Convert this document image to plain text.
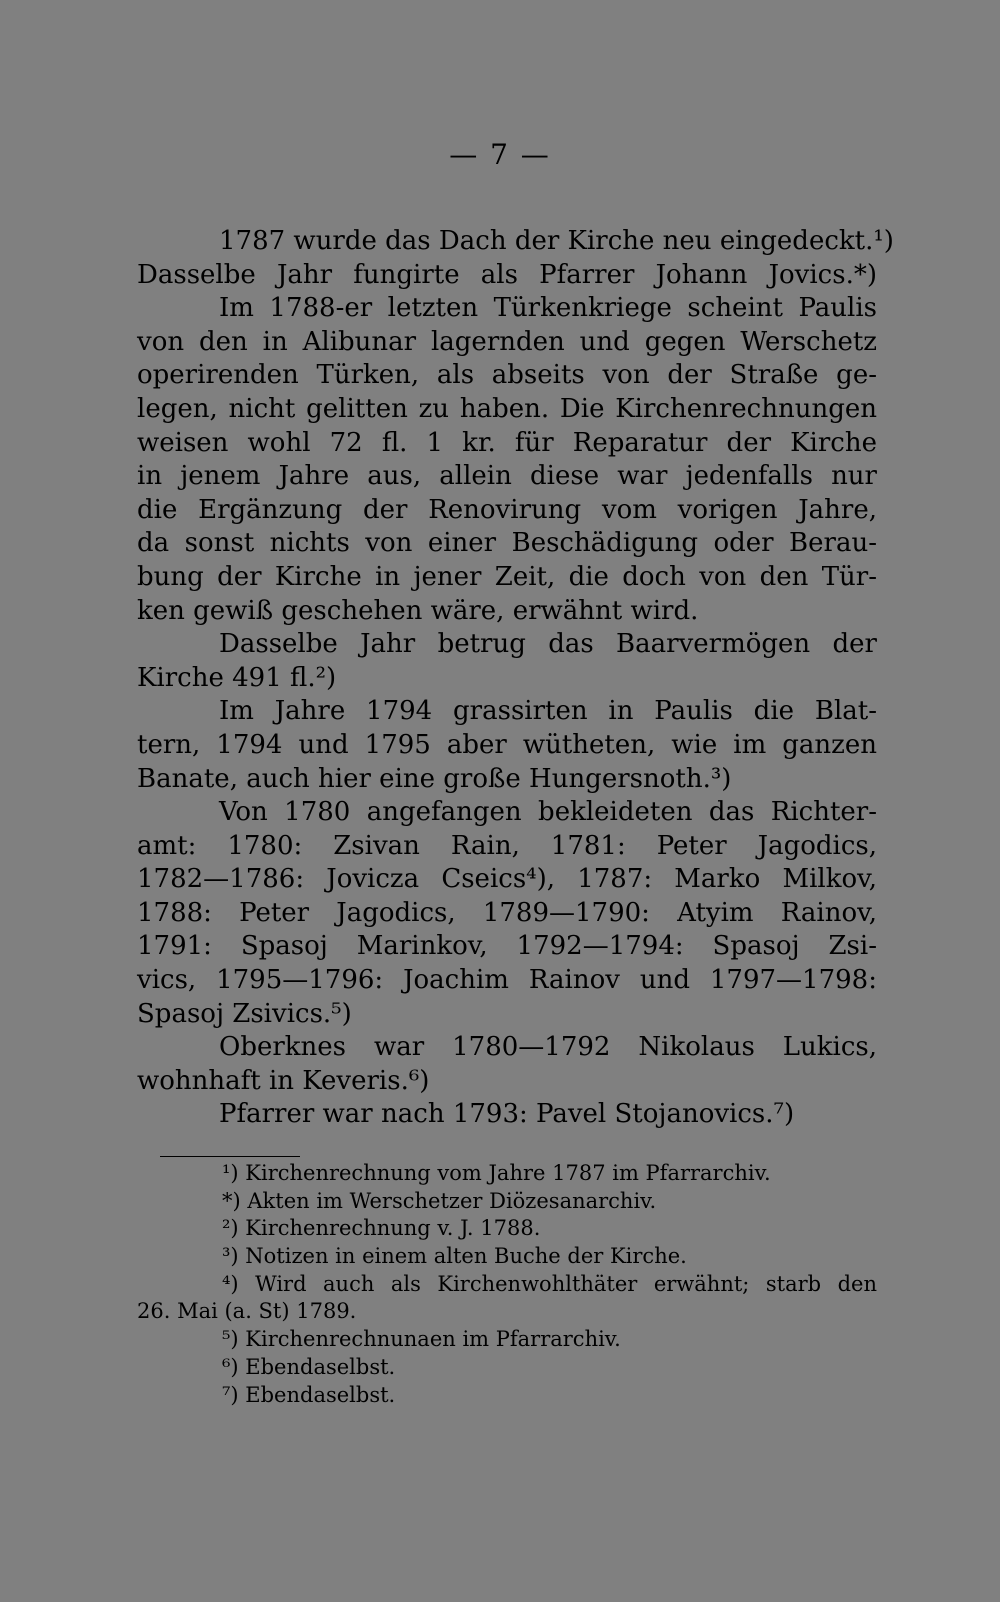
— 7 —
1787 wurde das Dach der Kirche neu eingedeckt.¹)
Dasselbe Jahr fungirte als Pfarrer Johann Jovics.*)
Im 1788-er letzten Türkenkriege scheint Paulis
von den in Alibunar lagernden und gegen Werschetz
operirenden Türken, als abseits von der Straße ge-
legen, nicht gelitten zu haben. Die Kirchenrechnungen
weisen wohl 72 fl. 1 kr. für Reparatur der Kirche
in jenem Jahre aus, allein diese war jedenfalls nur
die Ergänzung der Renovirung vom vorigen Jahre,
da sonst nichts von einer Beschädigung oder Berau-
bung der Kirche in jener Zeit, die doch von den Tür-
ken gewiß geschehen wäre, erwähnt wird.
Dasselbe Jahr betrug das Baarvermögen der
Kirche 491 fl.²)
Im Jahre 1794 grassirten in Paulis die Blat-
tern, 1794 und 1795 aber wütheten, wie im ganzen
Banate, auch hier eine große Hungersnoth.³)
Von 1780 angefangen bekleideten das Richter-
amt: 1780: Zsivan Rain, 1781: Peter Jagodics,
1782—1786: Jovicza Cseics⁴), 1787: Marko Milkov,
1788: Peter Jagodics, 1789—1790: Atyim Rainov,
1791: Spasoj Marinkov, 1792—1794: Spasoj Zsi-
vics, 1795—1796: Joachim Rainov und 1797—1798:
Spasoj Zsivics.⁵)
Oberknes war 1780—1792 Nikolaus Lukics,
wohnhaft in Keveris.⁶)
Pfarrer war nach 1793: Pavel Stojanovics.⁷)
¹) Kirchenrechnung vom Jahre 1787 im Pfarrarchiv.
*) Akten im Werschetzer Diözesanarchiv.
²) Kirchenrechnung v. J. 1788.
³) Notizen in einem alten Buche der Kirche.
⁴) Wird auch als Kirchenwohlthäter erwähnt; starb den
26. Mai (a. St) 1789.
⁵) Kirchenrechnunaen im Pfarrarchiv.
⁶) Ebendaselbst.
⁷) Ebendaselbst.
